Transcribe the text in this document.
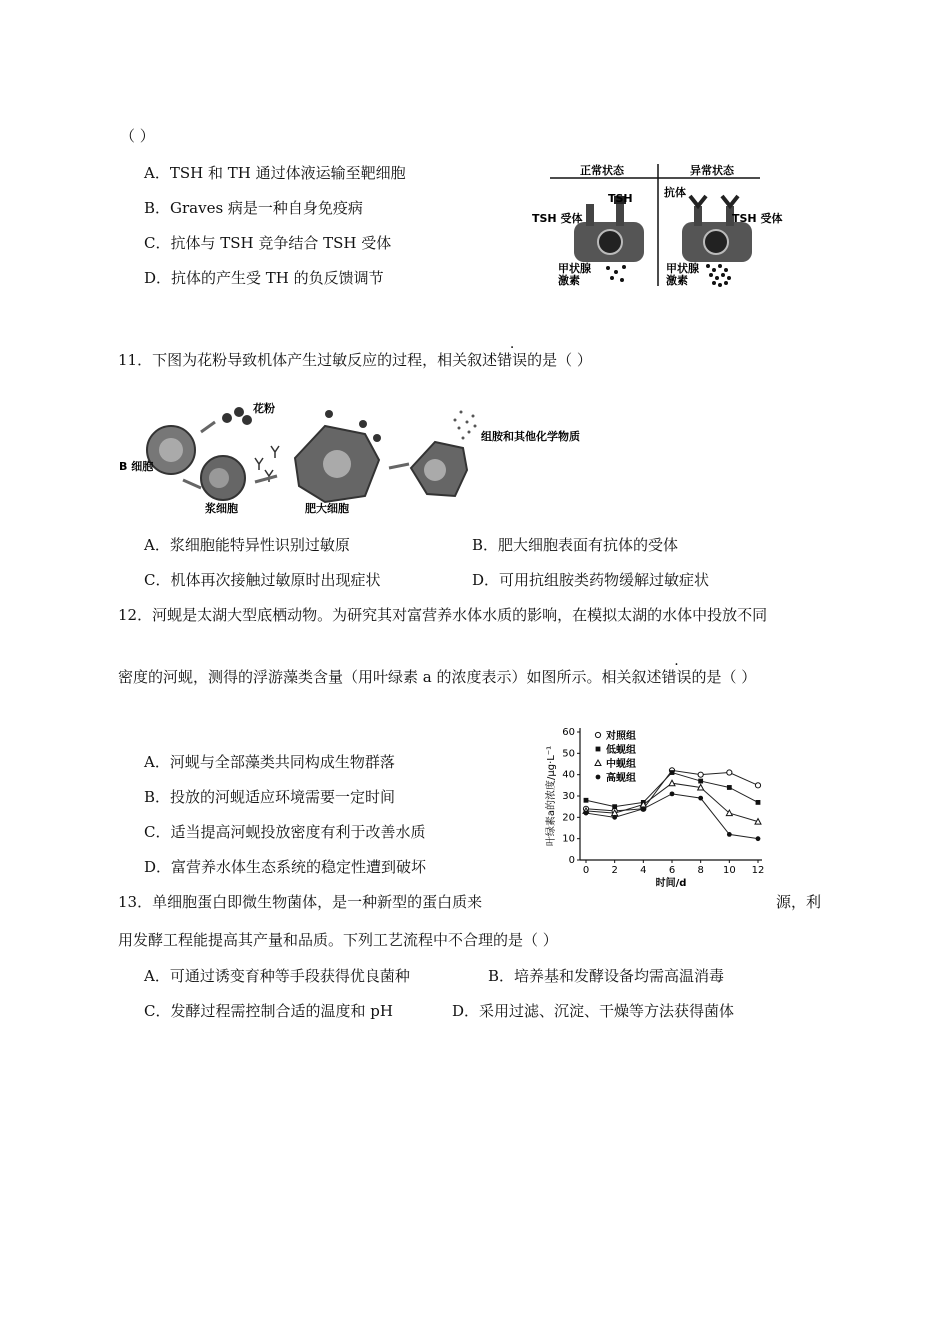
（ ）
A．TSH 和 TH 通过体液运输至靶细胞
B．Graves 病是一种自身免疫病
C．抗体与 TSH 竞争结合 TSH 受体
D．抗体的产生受 TH 的负反馈调节
正常状态	异常状态
TSH
TSH 受体
甲状腺
激素
抗体
TSH 受体
甲状腺
激素
11．下图为花粉导致机体产生过敏反应的过程，相关叙述错误的是（ ）
花粉
B 细胞
浆细胞	肥大细胞
组胺和其他化学物质
A．浆细胞能特异性识别过敏原	B．肥大细胞表面有抗体的受体
C．机体再次接触过敏原时出现症状	D．可用抗组胺类药物缓解过敏症状
12．河蚬是太湖大型底栖动物。为研究其对富营养水体水质的影响，在模拟太湖的水体中投放不同
密度的河蚬，测得的浮游藻类含量（用叶绿素 a 的浓度表示）如图所示。相关叙述错误的是（ ）
A．河蚬与全部藻类共同构成生物群落
B．投放的河蚬适应环境需要一定时间
C．适当提高河蚬投放密度有利于改善水质
D．富营养水体生态系统的稳定性遭到破坏	0
10
20
30
40
50
60
0 2 4 6 8 10 12
时间/d
叶绿素a的浓度/μg·L⁻¹
对照组
低蚬组
中蚬组
高蚬组
13．单细胞蛋白即微生物菌体，是一种新型的蛋白质来	源，利
用发酵工程能提高其产量和品质。下列工艺流程中不合理的是（ ）
A．可通过诱变育种等手段获得优良菌种	B．培养基和发酵设备均需高温消毒
C．发酵过程需控制合适的温度和 pH	D．采用过滤、沉淀、干燥等方法获得菌体
